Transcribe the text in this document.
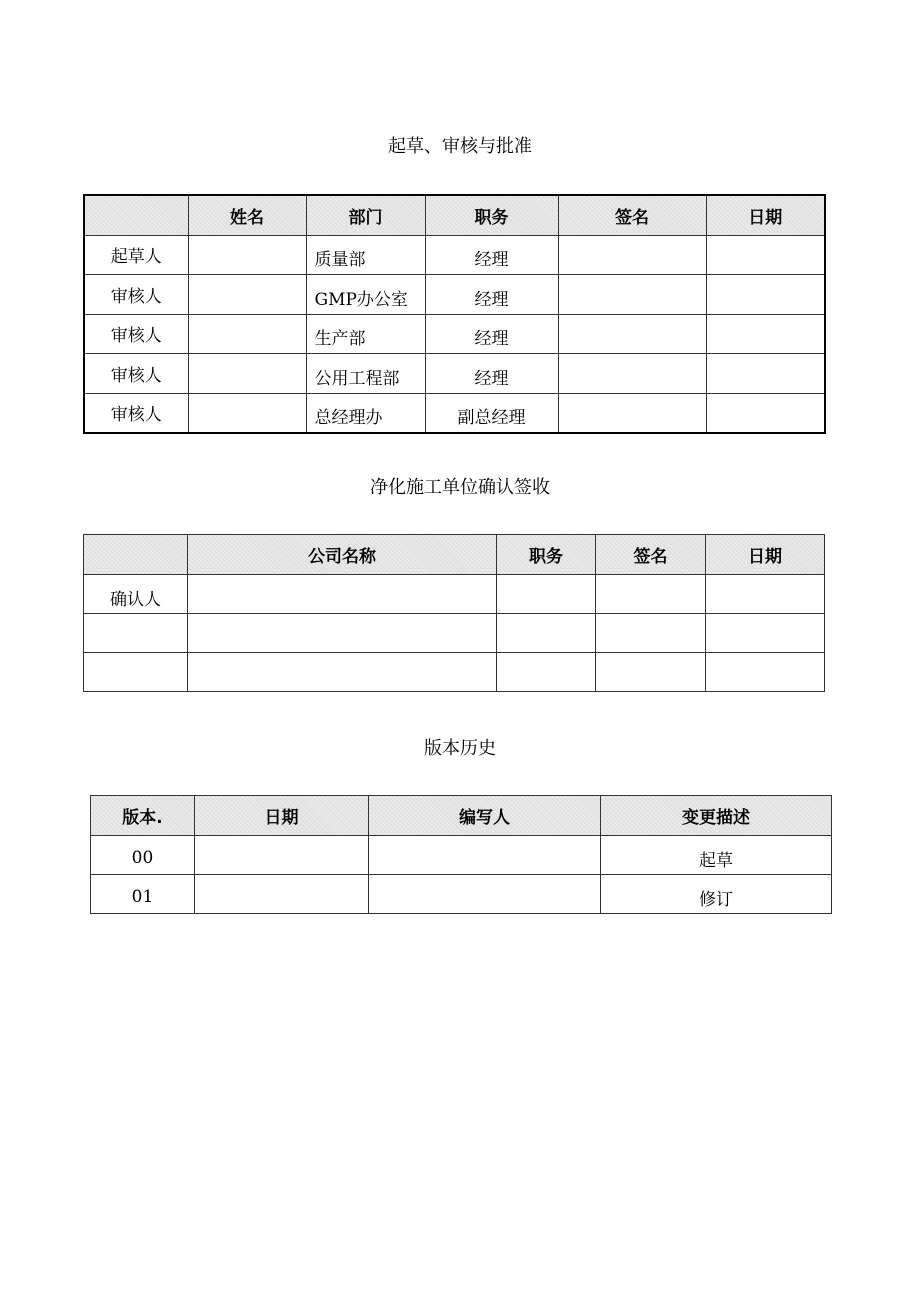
起草、审核与批准
	姓名	部门	职务	签名	日期
起草人		质量部	经理		
审核人		GMP办公室	经理		
审核人		生产部	经理		
审核人		公用工程部	经理		
审核人		总经理办	副总经理		
净化施工单位确认签收
	公司名称	职务	签名	日期
确认人				

版本历史
版本.	日期	编写人	变更描述
00			起草
01			修订
